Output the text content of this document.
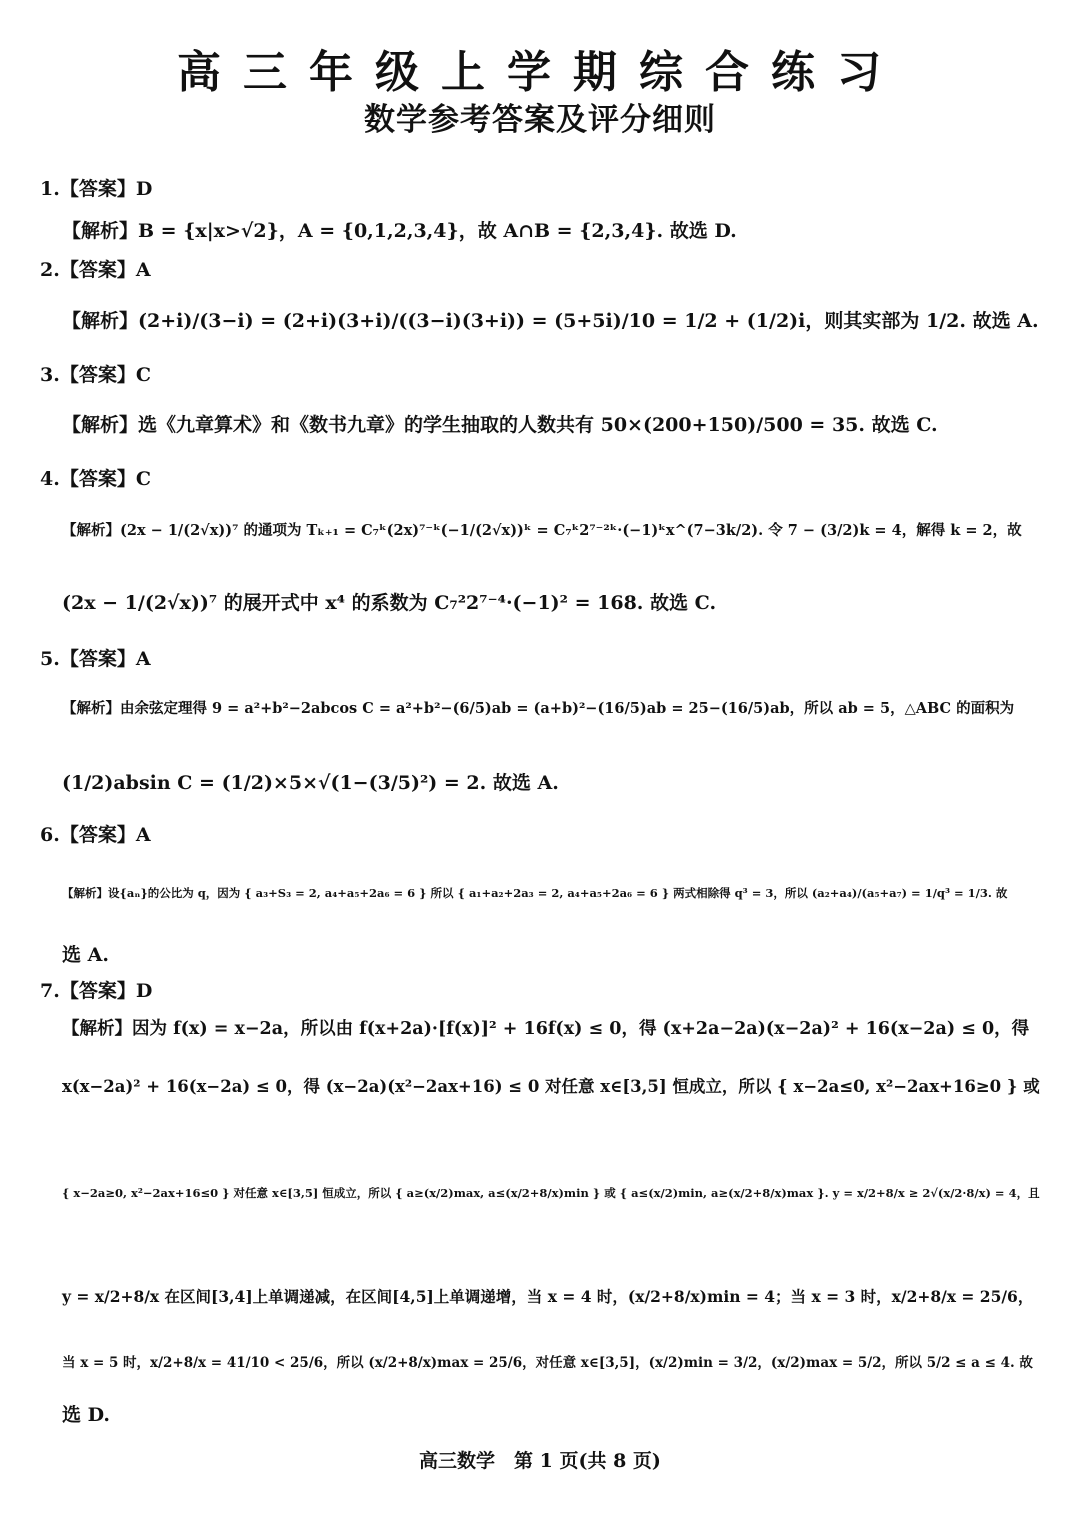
高三年级上学期综合练习
数学参考答案及评分细则
1.【答案】D
【解析】B = {x|x>√2}，A = {0,1,2,3,4}，故 A∩B = {2,3,4}. 故选 D.
2.【答案】A
【解析】(2+i)/(3−i) = (2+i)(3+i)/((3−i)(3+i)) = (5+5i)/10 = 1/2 + (1/2)i，则其实部为 1/2. 故选 A.
3.【答案】C
【解析】选《九章算术》和《数书九章》的学生抽取的人数共有 50×(200+150)/500 = 35. 故选 C.
4.【答案】C
【解析】(2x − 1/(2√x))⁷ 的通项为 Tₖ₊₁ = C₇ᵏ(2x)⁷⁻ᵏ(−1/(2√x))ᵏ = C₇ᵏ2⁷⁻²ᵏ·(−1)ᵏx^(7−3k/2). 令 7 − (3/2)k = 4，解得 k = 2，故
(2x − 1/(2√x))⁷ 的展开式中 x⁴ 的系数为 C₇²2⁷⁻⁴·(−1)² = 168. 故选 C.
5.【答案】A
【解析】由余弦定理得 9 = a²+b²−2abcos C = a²+b²−(6/5)ab = (a+b)²−(16/5)ab = 25−(16/5)ab，所以 ab = 5，△ABC 的面积为
(1/2)absin C = (1/2)×5×√(1−(3/5)²) = 2. 故选 A.
6.【答案】A
【解析】设{aₙ}的公比为 q，因为 { a₃+S₃ = 2, a₄+a₅+2a₆ = 6 } 所以 { a₁+a₂+2a₃ = 2, a₄+a₅+2a₆ = 6 } 两式相除得 q³ = 3，所以 (a₂+a₄)/(a₅+a₇) = 1/q³ = 1/3. 故
选 A.
7.【答案】D
【解析】因为 f(x) = x−2a，所以由 f(x+2a)·[f(x)]² + 16f(x) ≤ 0，得 (x+2a−2a)(x−2a)² + 16(x−2a) ≤ 0，得
x(x−2a)² + 16(x−2a) ≤ 0，得 (x−2a)(x²−2ax+16) ≤ 0 对任意 x∈[3,5] 恒成立，所以 { x−2a≤0, x²−2ax+16≥0 } 或
{ x−2a≥0, x²−2ax+16≤0 } 对任意 x∈[3,5] 恒成立，所以 { a≥(x/2)max, a≤(x/2+8/x)min } 或 { a≤(x/2)min, a≥(x/2+8/x)max }. y = x/2+8/x ≥ 2√(x/2·8/x) = 4，且
y = x/2+8/x 在区间[3,4]上单调递减，在区间[4,5]上单调递增，当 x = 4 时，(x/2+8/x)min = 4；当 x = 3 时，x/2+8/x = 25/6，
当 x = 5 时，x/2+8/x = 41/10 < 25/6，所以 (x/2+8/x)max = 25/6，对任意 x∈[3,5]，(x/2)min = 3/2，(x/2)max = 5/2，所以 5/2 ≤ a ≤ 4. 故
选 D.
高三数学　第 1 页(共 8 页)
